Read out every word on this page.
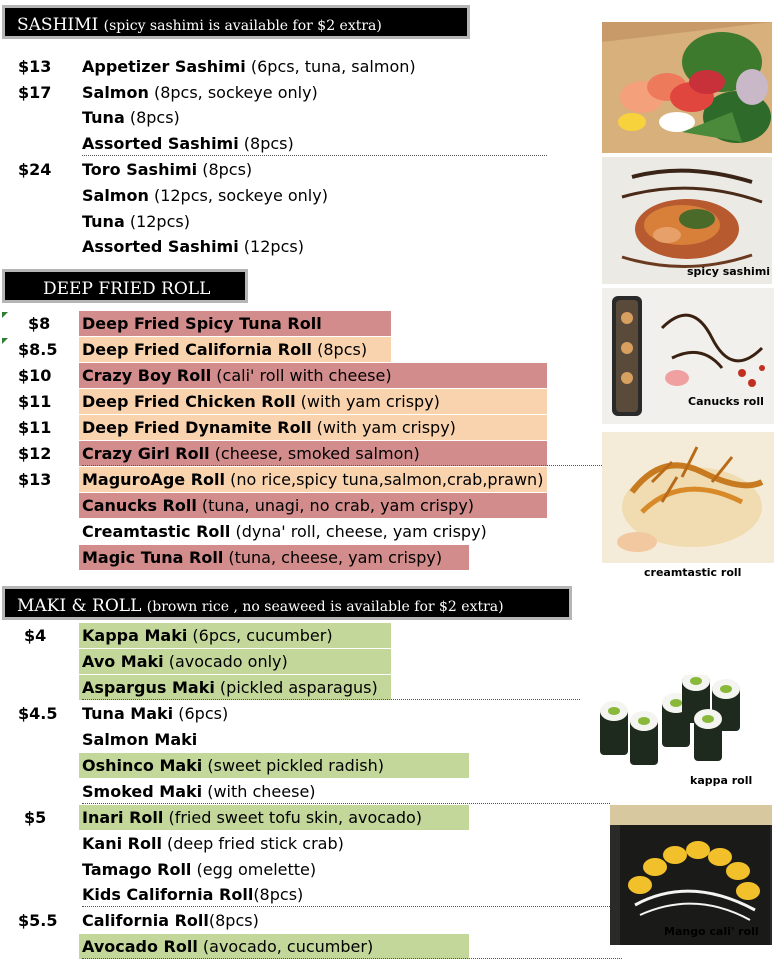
SASHIMI (spicy sashimi is available for $2 extra)
$13
$17
$24
Appetizer Sashimi (6pcs, tuna, salmon)
Salmon (8pcs, sockeye only)
Tuna (8pcs)
Assorted Sashimi (8pcs)
Toro Sashimi (8pcs)
Salmon (12pcs, sockeye only)
Tuna (12pcs)
Assorted Sashimi (12pcs)
DEEP FRIED ROLL
$8
$8.5
$10
$11
$11
$12
$13
Deep Fried Spicy Tuna Roll
Deep Fried California Roll (8pcs)
Crazy Boy Roll (cali' roll with cheese)
Deep Fried Chicken Roll (with yam crispy)
Deep Fried Dynamite Roll (with yam crispy)
Crazy Girl Roll (cheese, smoked salmon)
MaguroAge Roll (no rice,spicy tuna,salmon,crab,prawn)
Canucks Roll (tuna, unagi, no crab, yam crispy)
Creamtastic Roll (dyna' roll, cheese, yam crispy)
Magic Tuna Roll (tuna, cheese, yam crispy)
MAKI & ROLL (brown rice , no seaweed is available for $2 extra)
$4
$4.5
$5
$5.5
Kappa Maki (6pcs, cucumber)
Avo Maki (avocado only)
Aspargus Maki (pickled asparagus)
Tuna Maki (6pcs)
Salmon Maki
Oshinco Maki (sweet pickled radish)
Smoked Maki (with cheese)
Inari Roll (fried sweet tofu skin, avocado)
Kani Roll (deep fried stick crab)
Tamago Roll (egg omelette)
Kids California Roll(8pcs)
California Roll(8pcs)
Avocado Roll (avocado, cucumber)
spicy sashimi
Canucks roll
creamtastic roll
kappa roll
Mango cali' roll
